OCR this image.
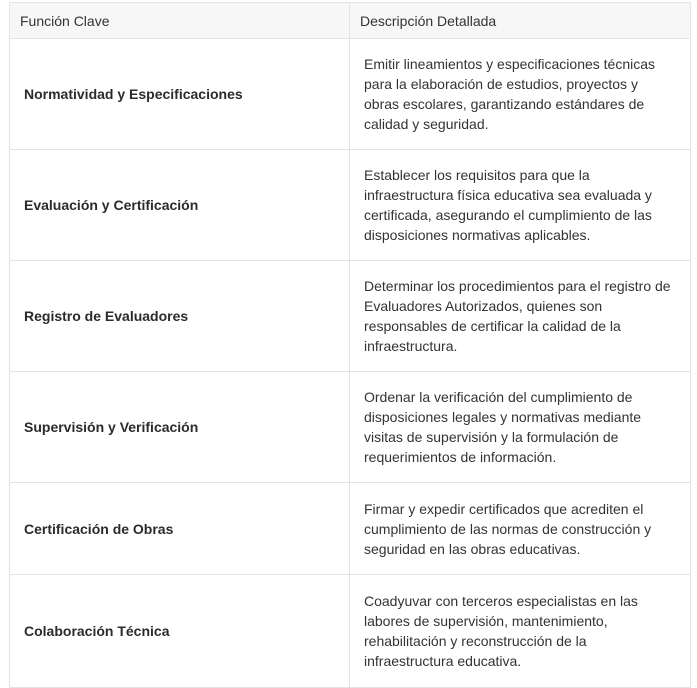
Función Clave	Descripción Detallada
Normatividad y Especificaciones	Emitir lineamientos y especificaciones técnicas para la elaboración de estudios, proyectos y obras escolares, garantizando estándares de calidad y seguridad.
Evaluación y Certificación	Establecer los requisitos para que la infraestructura física educativa sea evaluada y certificada, asegurando el cumplimiento de las disposiciones normativas aplicables.
Registro de Evaluadores	Determinar los procedimientos para el registro de Evaluadores Autorizados, quienes son responsables de certificar la calidad de la infraestructura.
Supervisión y Verificación	Ordenar la verificación del cumplimiento de disposiciones legales y normativas mediante visitas de supervisión y la formulación de requerimientos de información.
Certificación de Obras	Firmar y expedir certificados que acrediten el cumplimiento de las normas de construcción y seguridad en las obras educativas.
Colaboración Técnica	Coadyuvar con terceros especialistas en las labores de supervisión, mantenimiento, rehabilitación y reconstrucción de la infraestructura educativa.
